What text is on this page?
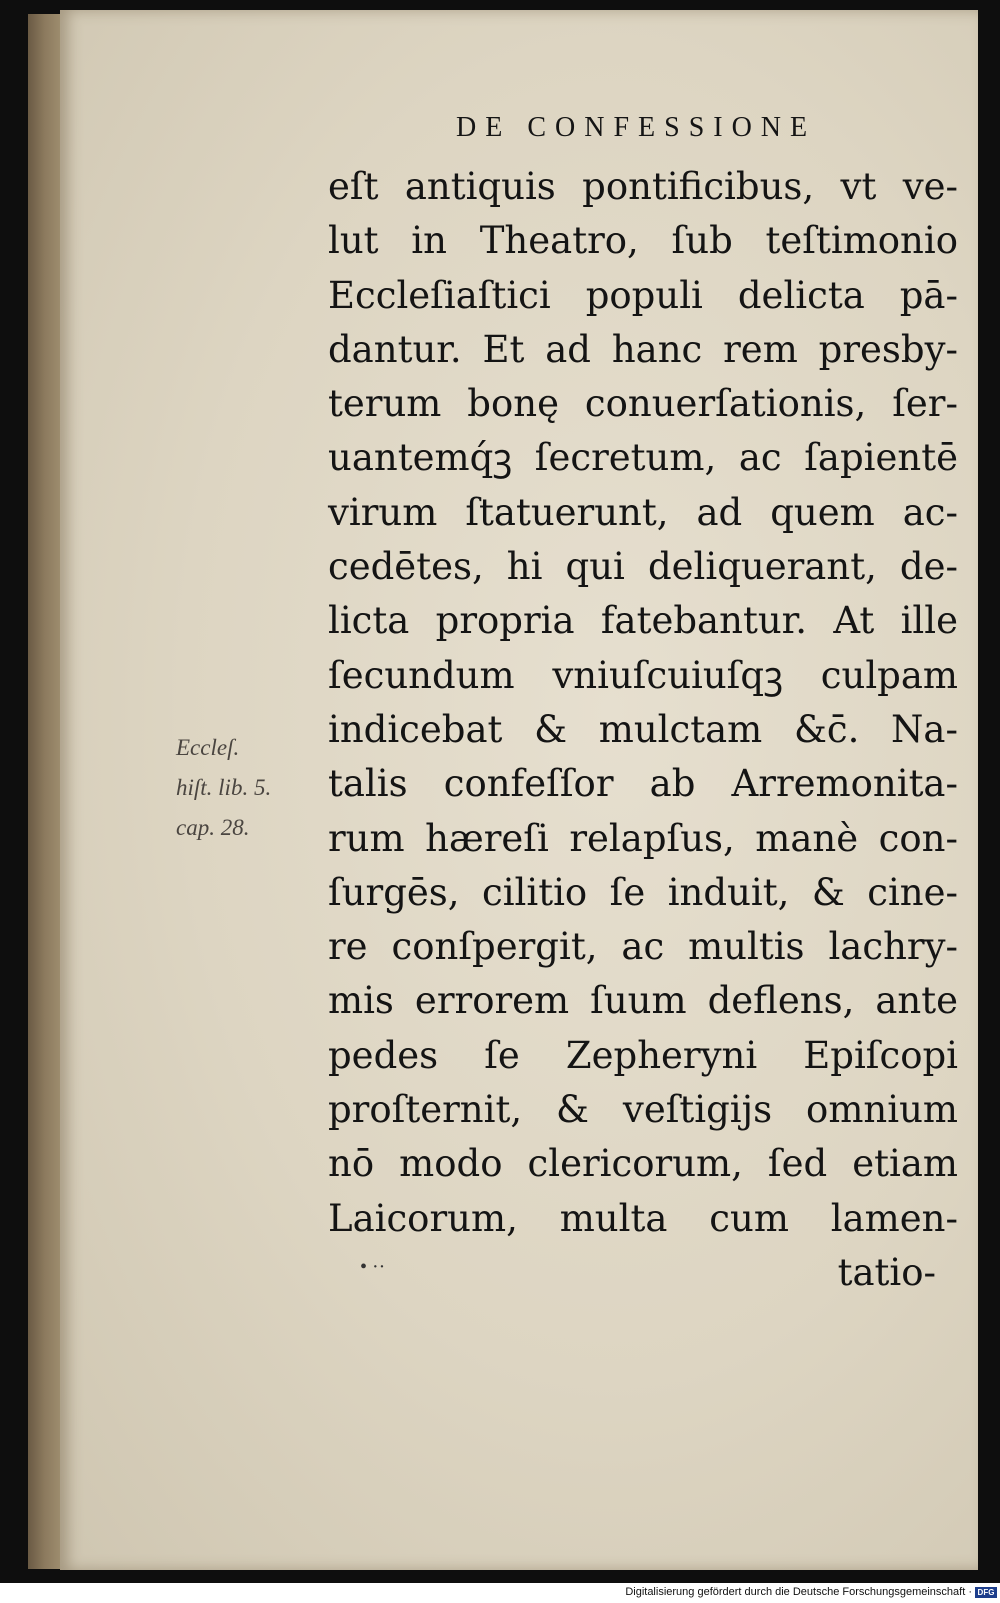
DE CONFESSIONE
Eccleſ.
hiſt. lib. 5.
cap. 28.
eſt antiquis pontificibus, vt ve-
lut in Theatro, ſub teſtimonio
Eccleſiaſtici populi delicta pā-
dantur. Et ad hanc rem presby-
terum bonę conuerſationis, ſer-
uantemq́ꝫ ſecretum, ac ſapientē
virum ſtatuerunt, ad quem ac-
cedētes, hi qui deliquerant, de-
licta propria fatebantur. At ille
ſecundum vniuſcuiuſqꝫ culpam
indicebat & mulctam &c̄. Na-
talis confeſſor ab Arremonita-
rum hæreſi relapſus, manè con-
ſurgēs, cilitio ſe induit, & cine-
re conſpergit, ac multis lachry-
mis errorem ſuum deflens, ante
pedes ſe Zepheryni Epiſcopi
proſternit, & veſtigijs omnium
nō modo clericorum, ſed etiam
Laicorum, multa cum lamen-
tatio-
• ··
Digitalisierung gefördert durch die Deutsche Forschungsgemeinschaft · DFG
